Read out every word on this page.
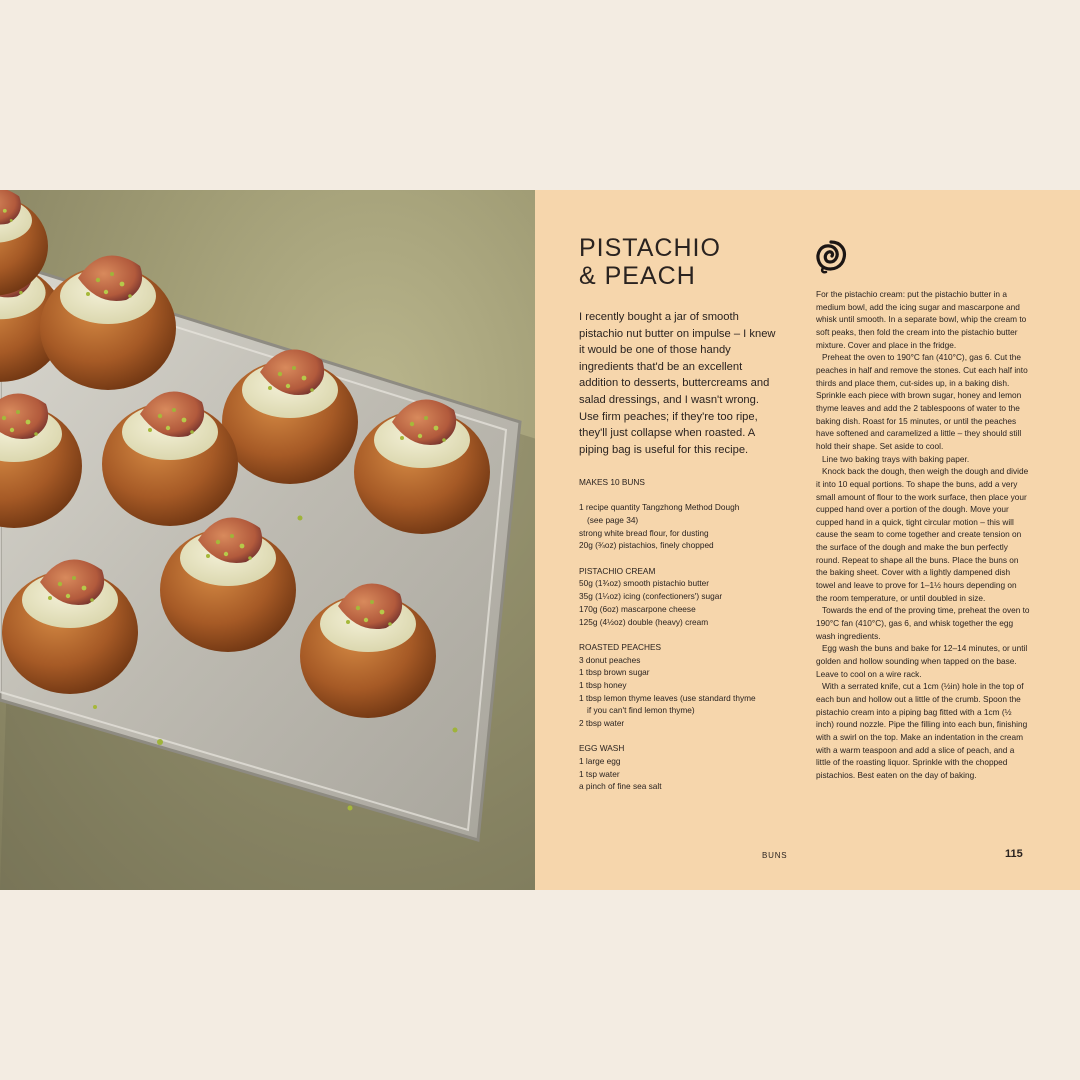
PISTACHIO
& PEACH
I recently bought a jar of smooth pistachio nut butter on impulse – I knew it would be one of those handy ingredients that'd be an excellent addition to desserts, buttercreams and salad dressings, and I wasn't wrong. Use firm peaches; if they're too ripe, they'll just collapse when roasted. A piping bag is useful for this recipe.

MAKES 10 BUNS

1 recipe quantity Tangzhong Method Dough

(see page 34)

strong white bread flour, for dusting

20g (¾oz) pistachios, finely chopped

PISTACHIO CREAM

50g (1¾oz) smooth pistachio butter

35g (1¼oz) icing (confectioners') sugar

170g (6oz) mascarpone cheese

125g (4½oz) double (heavy) cream

ROASTED PEACHES

3 donut peaches

1 tbsp brown sugar

1 tbsp honey

1 tbsp lemon thyme leaves (use standard thyme

if you can't find lemon thyme)

2 tbsp water

EGG WASH

1 large egg

1 tsp water

a pinch of fine sea salt

For the pistachio cream: put the pistachio butter in a medium bowl, add the icing sugar and mascarpone and whisk until smooth. In a separate bowl, whip the cream to soft peaks, then fold the cream into the pistachio butter mixture. Cover and place in the fridge.

Preheat the oven to 190°C fan (410°C), gas 6. Cut the peaches in half and remove the stones. Cut each half into thirds and place them, cut-sides up, in a baking dish. Sprinkle each piece with brown sugar, honey and lemon thyme leaves and add the 2 tablespoons of water to the baking dish. Roast for 15 minutes, or until the peaches have softened and caramelized a little – they should still hold their shape. Set aside to cool.

Line two baking trays with baking paper.

Knock back the dough, then weigh the dough and divide it into 10 equal portions. To shape the buns, add a very small amount of flour to the work surface, then place your cupped hand over a portion of the dough. Move your cupped hand in a quick, tight circular motion – this will cause the seam to come together and create tension on the surface of the dough and make the bun perfectly round. Repeat to shape all the buns. Place the buns on the baking sheet. Cover with a lightly dampened dish towel and leave to prove for 1–1½ hours depending on the room temperature, or until doubled in size.

Towards the end of the proving time, preheat the oven to 190°C fan (410°C), gas 6, and whisk together the egg wash ingredients.

Egg wash the buns and bake for 12–14 minutes, or until golden and hollow sounding when tapped on the base. Leave to cool on a wire rack.

With a serrated knife, cut a 1cm (½in) hole in the top of each bun and hollow out a little of the crumb. Spoon the pistachio cream into a piping bag fitted with a 1cm (½ inch) round nozzle. Pipe the filling into each bun, finishing with a swirl on the top. Make an indentation in the cream with a warm teaspoon and add a slice of peach, and a little of the roasting liquor. Sprinkle with the chopped pistachios. Best eaten on the day of baking.

BUNS	115
